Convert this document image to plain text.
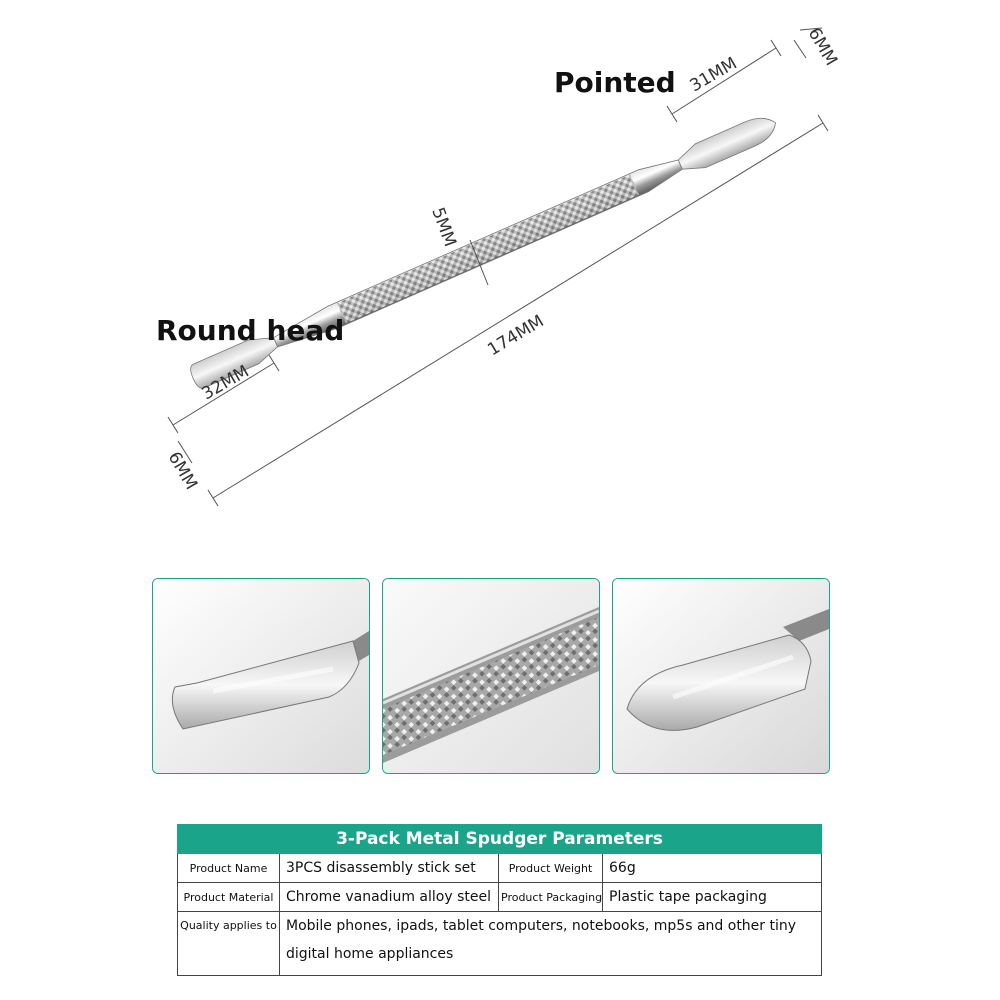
31MM
6MM
5MM
174MM
32MM
6MM
Pointed
Round head
3-Pack Metal Spudger Parameters			
Product Name	3PCS disassembly stick set	Product Weight	66g
Product Material	Chrome vanadium alloy steel	Product Packaging	Plastic tape packaging
Quality applies to	Mobile phones, ipads, tablet computers, notebooks, mp5s and other tiny digital home appliances		
